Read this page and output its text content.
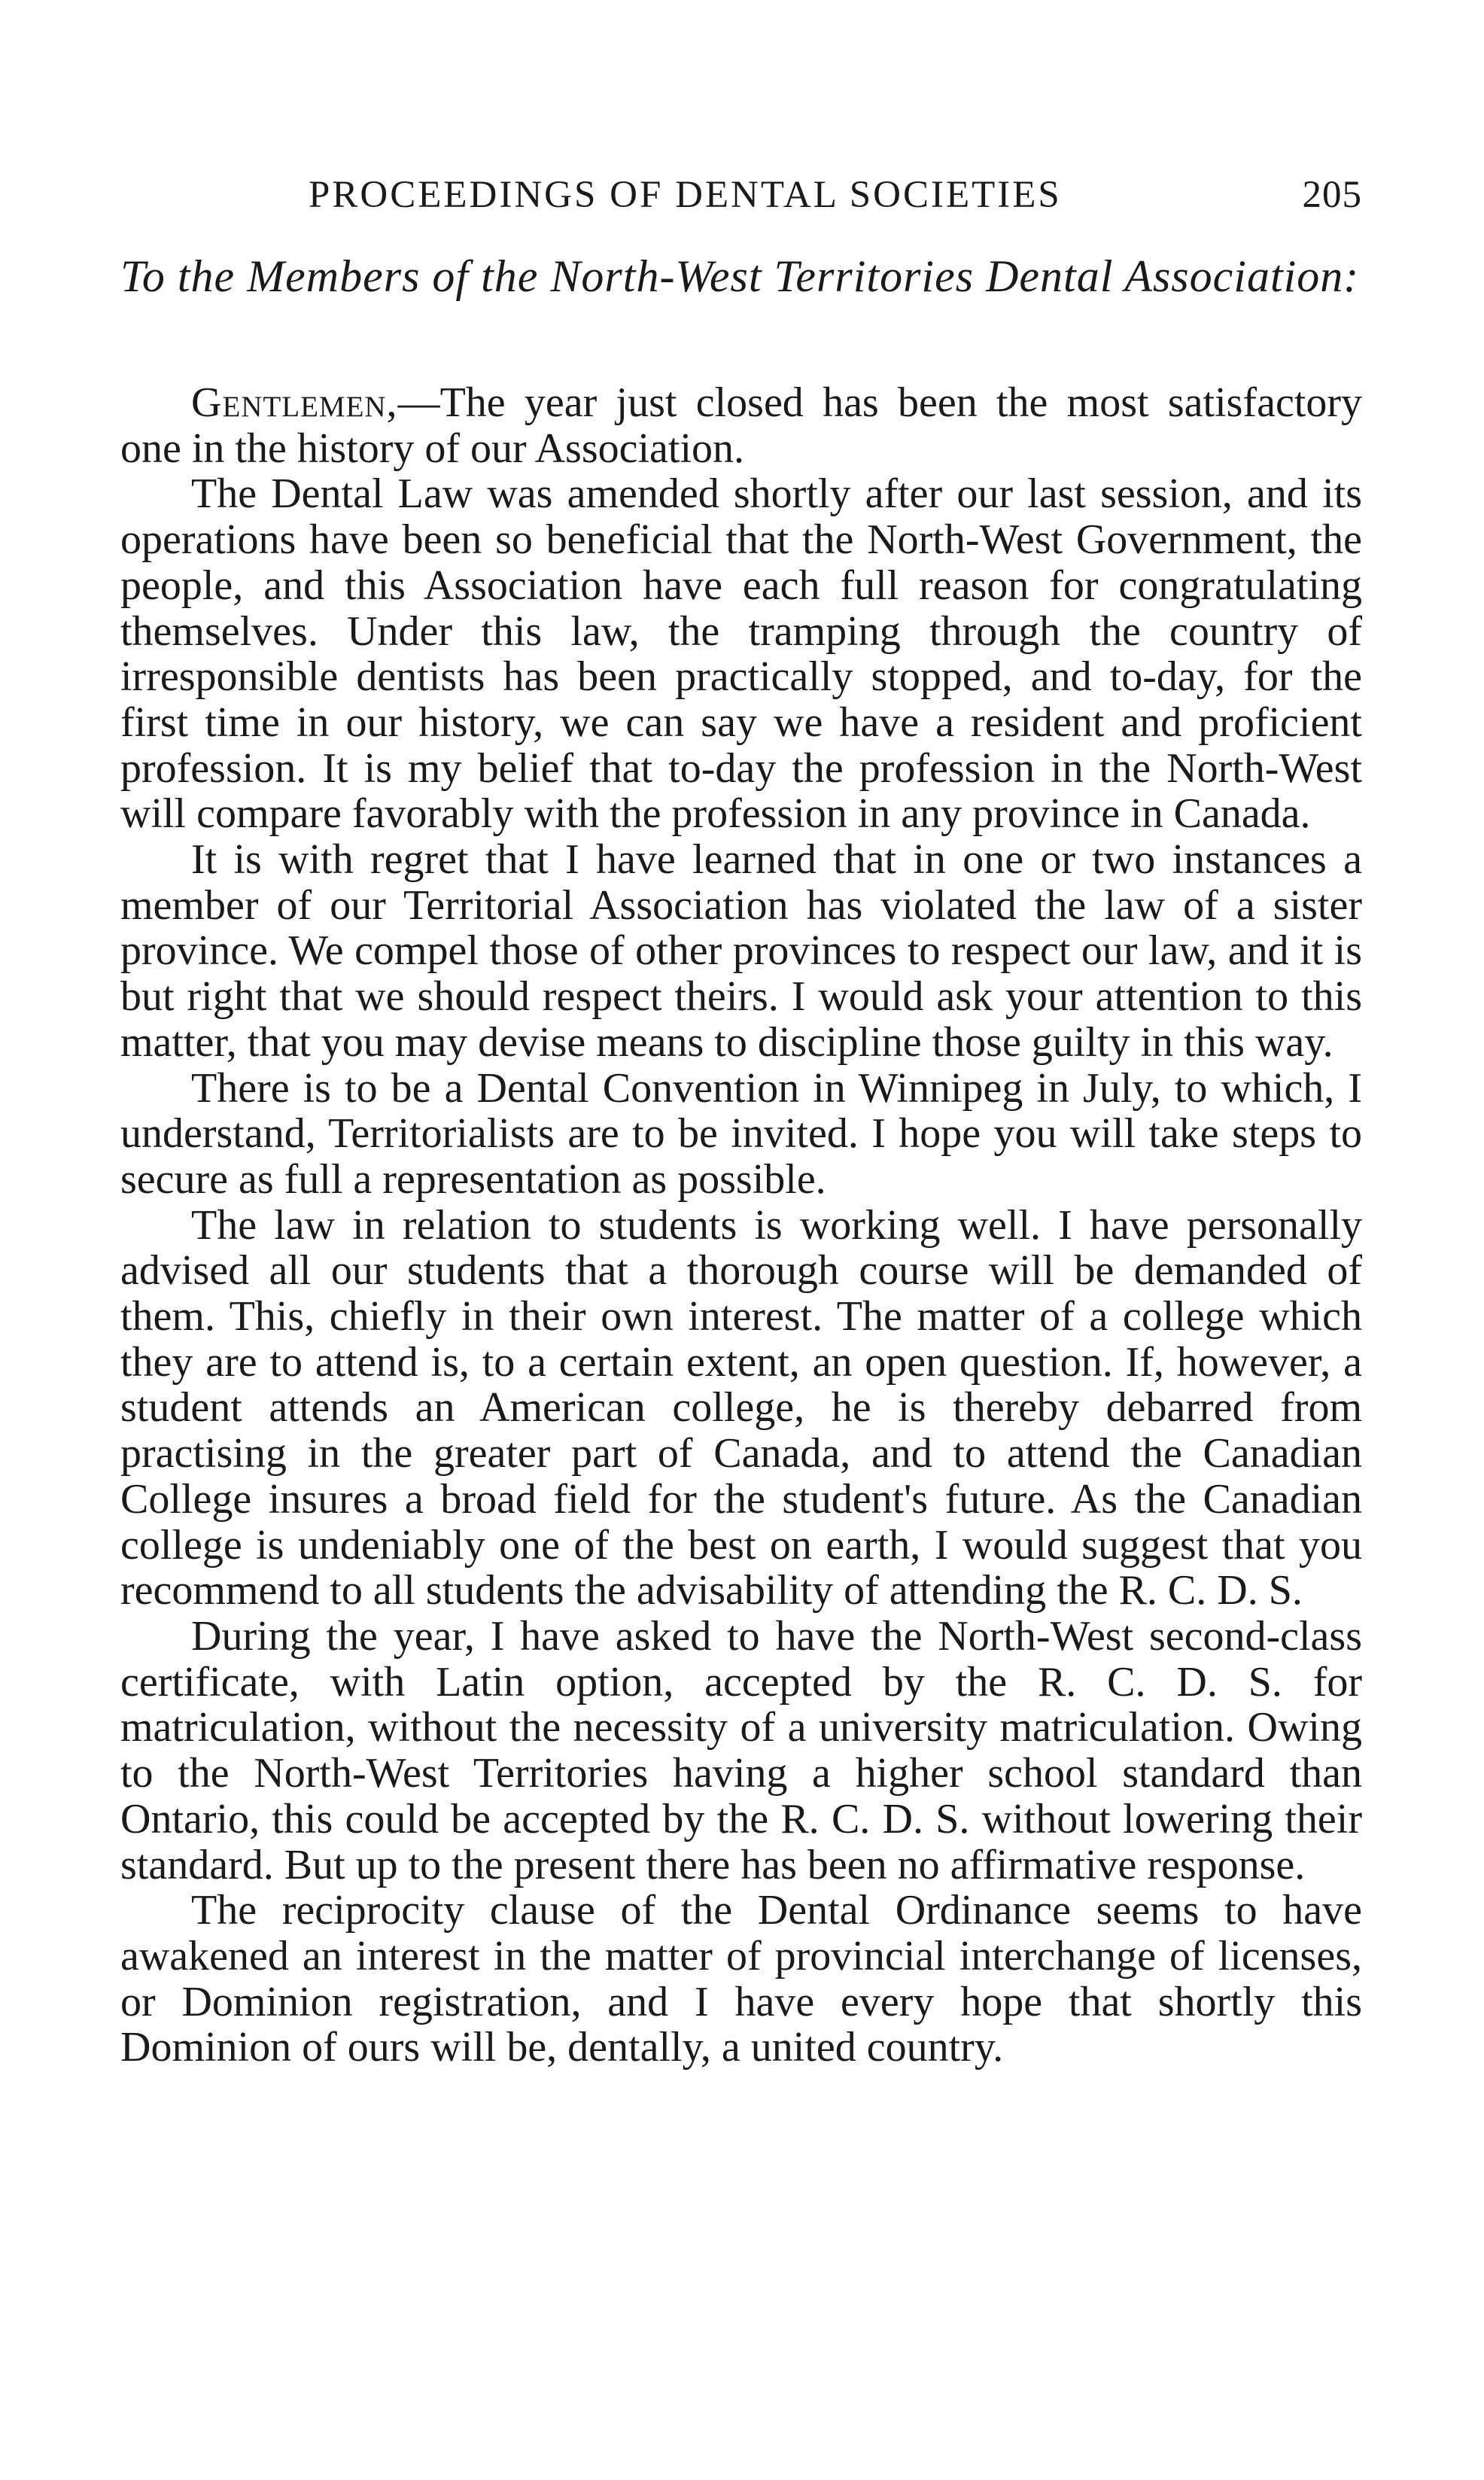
PROCEEDINGS OF DENTAL SOCIETIES	205
To the Members of the North-West Territories Dental Association:

Gentlemen,—The year just closed has been the most satisfactory one in the history of our Association.

The Dental Law was amended shortly after our last session, and its operations have been so beneficial that the North-West Government, the people, and this Association have each full reason for congratulating themselves. Under this law, the tramping through the country of irresponsible dentists has been practically stopped, and to-day, for the first time in our history, we can say we have a resident and proficient profession. It is my belief that to-day the profession in the North-West will compare favorably with the profession in any province in Canada.

It is with regret that I have learned that in one or two instances a member of our Territorial Association has violated the law of a sister province. We compel those of other provinces to respect our law, and it is but right that we should respect theirs. I would ask your attention to this matter, that you may devise means to discipline those guilty in this way.

There is to be a Dental Convention in Winnipeg in July, to which, I understand, Territorialists are to be invited. I hope you will take steps to secure as full a representation as possible.

The law in relation to students is working well. I have personally advised all our students that a thorough course will be demanded of them. This, chiefly in their own interest. The matter of a college which they are to attend is, to a certain extent, an open question. If, however, a student attends an American college, he is thereby debarred from practising in the greater part of Canada, and to attend the Canadian College insures a broad field for the student's future. As the Canadian college is undeniably one of the best on earth, I would suggest that you recommend to all students the advisability of attending the R. C. D. S.

During the year, I have asked to have the North-West second-class certificate, with Latin option, accepted by the R. C. D. S. for matriculation, without the necessity of a university matriculation. Owing to the North-West Territories having a higher school standard than Ontario, this could be accepted by the R. C. D. S. without lowering their standard. But up to the present there has been no affirmative response.

The reciprocity clause of the Dental Ordinance seems to have awakened an interest in the matter of provincial interchange of licenses, or Dominion registration, and I have every hope that shortly this Dominion of ours will be, dentally, a united country.
